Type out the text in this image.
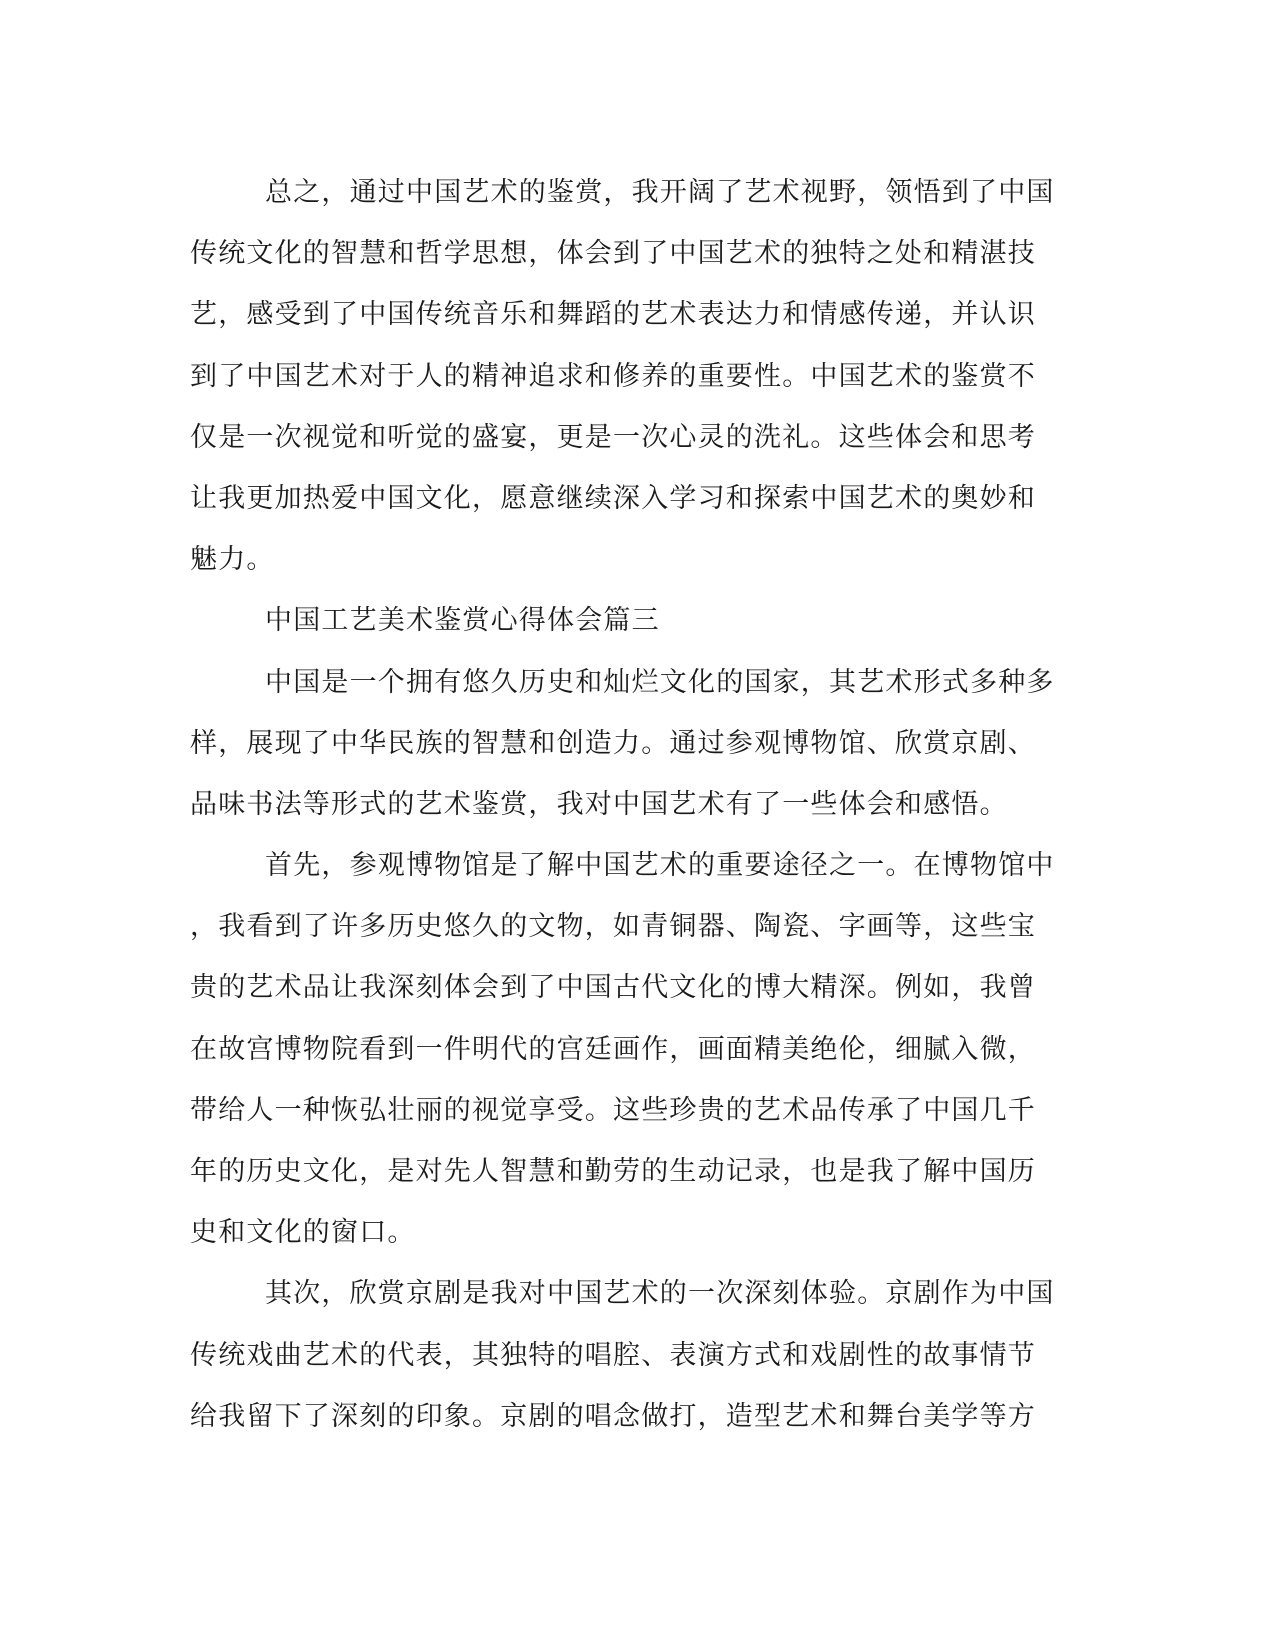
总之，通过中国艺术的鉴赏，我开阔了艺术视野，领悟到了中国
传统文化的智慧和哲学思想，体会到了中国艺术的独特之处和精湛技
艺，感受到了中国传统音乐和舞蹈的艺术表达力和情感传递，并认识
到了中国艺术对于人的精神追求和修养的重要性。中国艺术的鉴赏不
仅是一次视觉和听觉的盛宴，更是一次心灵的洗礼。这些体会和思考
让我更加热爱中国文化，愿意继续深入学习和探索中国艺术的奥妙和
魅力。
中国工艺美术鉴赏心得体会篇三
中国是一个拥有悠久历史和灿烂文化的国家，其艺术形式多种多
样，展现了中华民族的智慧和创造力。通过参观博物馆、欣赏京剧、
品味书法等形式的艺术鉴赏，我对中国艺术有了一些体会和感悟。
首先，参观博物馆是了解中国艺术的重要途径之一。在博物馆中
，我看到了许多历史悠久的文物，如青铜器、陶瓷、字画等，这些宝
贵的艺术品让我深刻体会到了中国古代文化的博大精深。例如，我曾
在故宫博物院看到一件明代的宫廷画作，画面精美绝伦，细腻入微，
带给人一种恢弘壮丽的视觉享受。这些珍贵的艺术品传承了中国几千
年的历史文化，是对先人智慧和勤劳的生动记录，也是我了解中国历
史和文化的窗口。
其次，欣赏京剧是我对中国艺术的一次深刻体验。京剧作为中国
传统戏曲艺术的代表，其独特的唱腔、表演方式和戏剧性的故事情节
给我留下了深刻的印象。京剧的唱念做打，造型艺术和舞台美学等方
